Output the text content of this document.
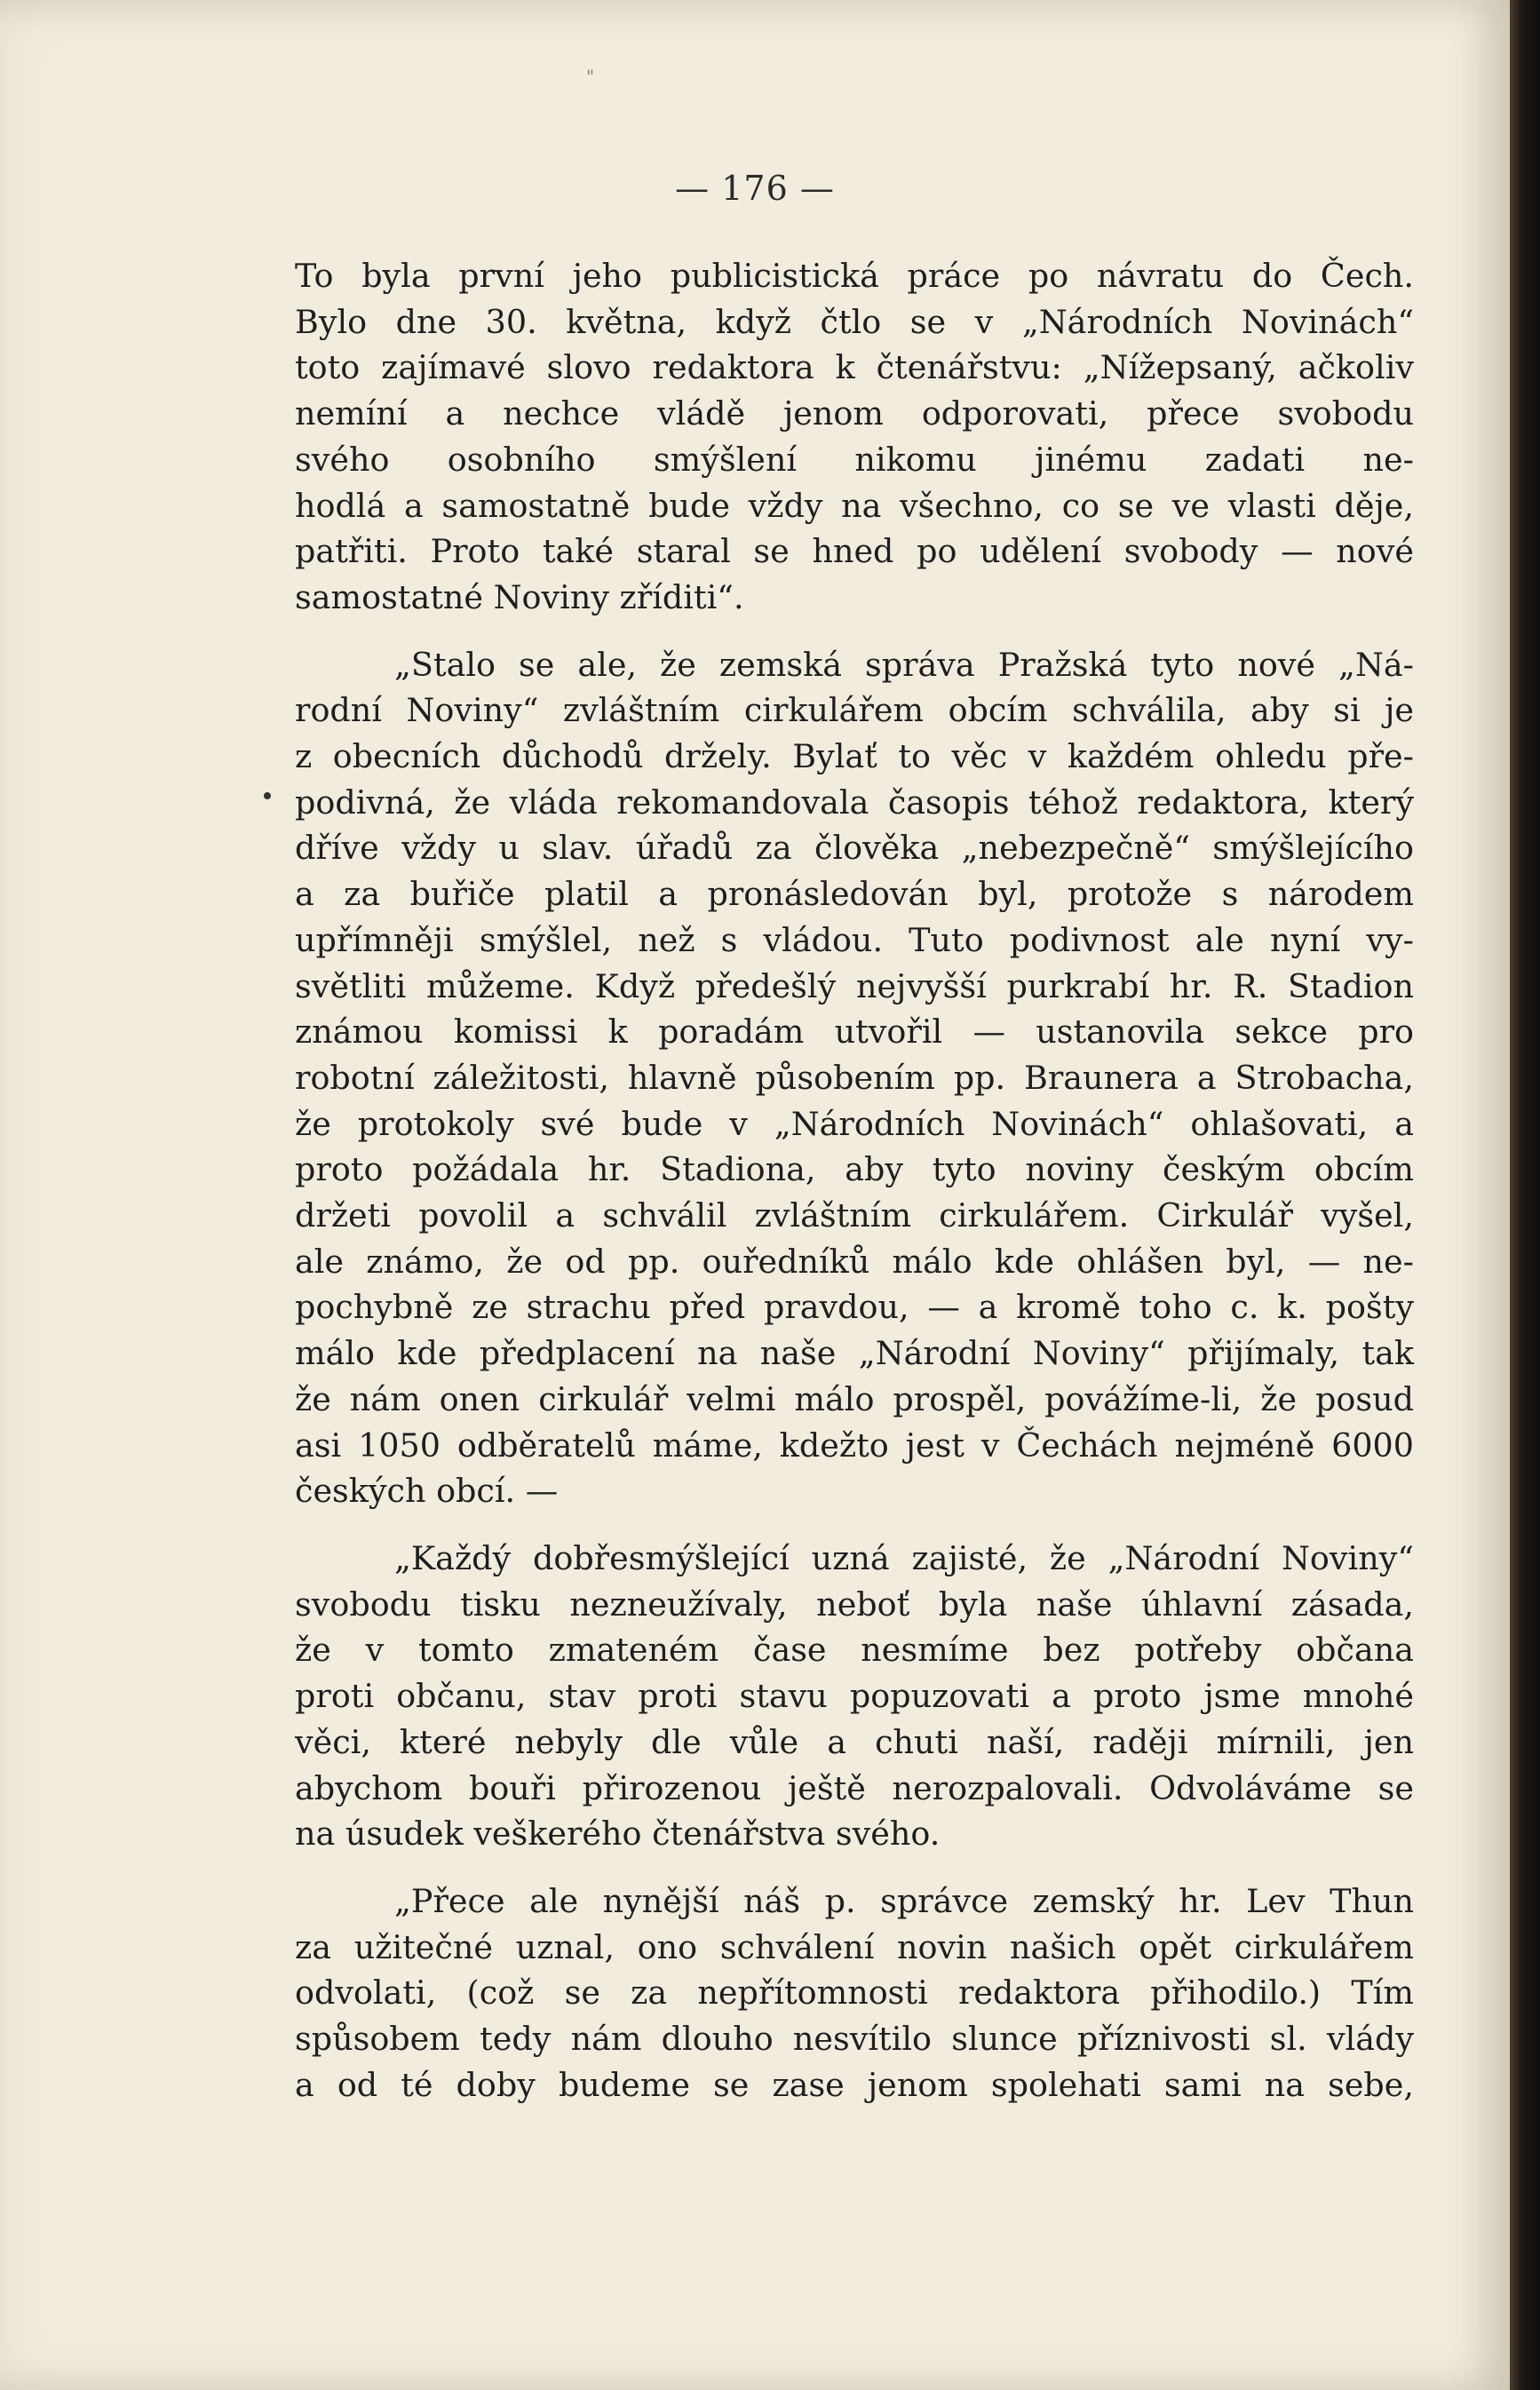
"
— 176 —
To byla první jeho publicistická práce po návratu do Čech.
Bylo dne 30. května, když čtlo se v „Národních Novinách“
toto zajímavé slovo redaktora k čtenářstvu: „Nížepsaný, ačkoliv
nemíní a nechce vládě jenom odporovati, přece svobodu
svého osobního smýšlení nikomu jinému zadati ne-
hodlá a samostatně bude vždy na všechno, co se ve vlasti děje,
patřiti. Proto také staral se hned po udělení svobody — nové
samostatné Noviny zříditi“.
„Stalo se ale, že zemská správa Pražská tyto nové „Ná-
rodní Noviny“ zvláštním cirkulářem obcím schválila, aby si je
z obecních důchodů držely. Bylať to věc v každém ohledu pře-
podivná, že vláda rekomandovala časopis téhož redaktora, který
dříve vždy u slav. úřadů za člověka „nebezpečně“ smýšlejícího
a za buřiče platil a pronásledován byl, protože s národem
upřímněji smýšlel, než s vládou. Tuto podivnost ale nyní vy-
světliti můžeme. Když předešlý nejvyšší purkrabí hr. R. Stadion
známou komissi k poradám utvořil — ustanovila sekce pro
robotní záležitosti, hlavně působením pp. Braunera a Strobacha,
že protokoly své bude v „Národních Novinách“ ohlašovati, a
proto požádala hr. Stadiona, aby tyto noviny českým obcím
držeti povolil a schválil zvláštním cirkulářem. Cirkulář vyšel,
ale známo, že od pp. ouředníků málo kde ohlášen byl, — ne-
pochybně ze strachu před pravdou, — a kromě toho c. k. pošty
málo kde předplacení na naše „Národní Noviny“ přijímaly, tak
že nám onen cirkulář velmi málo prospěl, povážíme-li, že posud
asi 1050 odběratelů máme, kdežto jest v Čechách nejméně 6000
českých obcí. —
„Každý dobřesmýšlející uzná zajisté, že „Národní Noviny“
svobodu tisku nezneužívaly, neboť byla naše úhlavní zásada,
že v tomto zmateném čase nesmíme bez potřeby občana
proti občanu, stav proti stavu popuzovati a proto jsme mnohé
věci, které nebyly dle vůle a chuti naší, raději mírnili, jen
abychom bouři přirozenou ještě nerozpalovali. Odvoláváme se
na úsudek veškerého čtenářstva svého.
„Přece ale nynější náš p. správce zemský hr. Lev Thun
za užitečné uznal, ono schválení novin našich opět cirkulářem
odvolati, (což se za nepřítomnosti redaktora přihodilo.) Tím
spůsobem tedy nám dlouho nesvítilo slunce příznivosti sl. vlády
a od té doby budeme se zase jenom spolehati sami na sebe,
